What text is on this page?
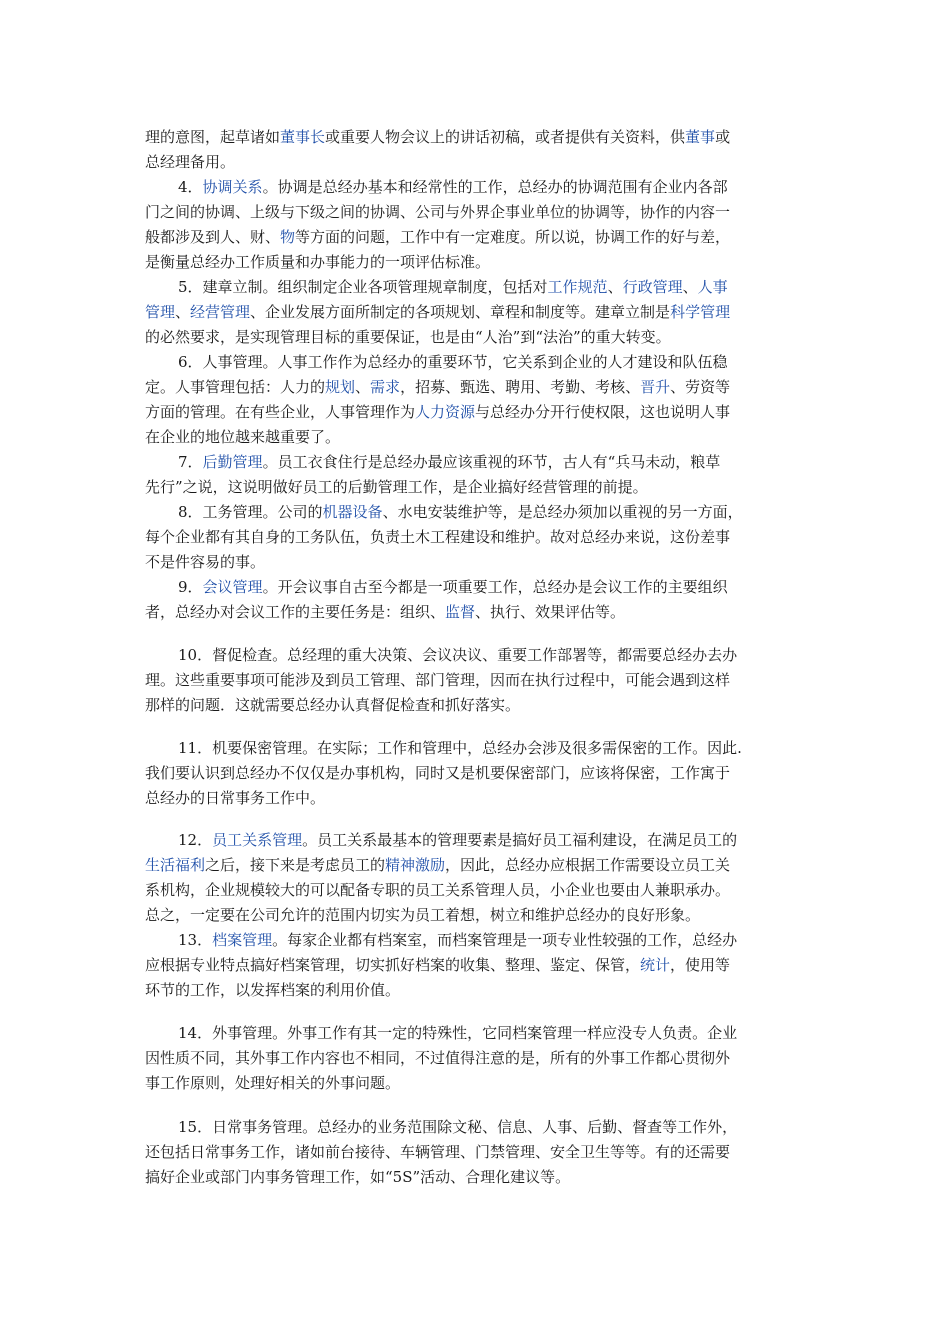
理的意图，起草诸如董事长或重要人物会议上的讲话初稿，或者提供有关资料，供董事或
总经理备用。
4．协调关系。协调是总经办基本和经常性的工作，总经办的协调范围有企业内各部
门之间的协调、上级与下级之间的协调、公司与外界企事业单位的协调等，协作的内容一
般都涉及到人、财、物等方面的问题，工作中有一定难度。所以说，协调工作的好与差，
是衡量总经办工作质量和办事能力的一项评估标准。
5．建章立制。组织制定企业各项管理规章制度，包括对工作规范、行政管理、人事
管理、经营管理、企业发展方面所制定的各项规划、章程和制度等。建章立制是科学管理
的必然要求，是实现管理目标的重要保证，也是由“人治”到“法治”的重大转变。
6．人事管理。人事工作作为总经办的重要环节，它关系到企业的人才建设和队伍稳
定。人事管理包括：人力的规划、需求，招募、甄选、聘用、考勤、考核、晋升、劳资等
方面的管理。在有些企业，人事管理作为人力资源与总经办分开行使权限，这也说明人事
在企业的地位越来越重要了。
7．后勤管理。员工衣食住行是总经办最应该重视的环节，古人有“兵马未动，粮草
先行”之说，这说明做好员工的后勤管理工作，是企业搞好经营管理的前提。
8．工务管理。公司的机器设备、水电安装维护等，是总经办须加以重视的另一方面，
每个企业都有其自身的工务队伍，负责土木工程建设和维护。故对总经办来说，这份差事
不是件容易的事。
9．会议管理。开会议事自古至今都是一项重要工作，总经办是会议工作的主要组织
者，总经办对会议工作的主要任务是：组织、监督、执行、效果评估等。
10．督促检查。总经理的重大决策、会议决议、重要工作部署等，都需要总经办去办
理。这些重要事项可能涉及到员工管理、部门管理，因而在执行过程中，可能会遇到这样
那样的问题．这就需要总经办认真督促检查和抓好落实。
11．机要保密管理。在实际；工作和管理中，总经办会涉及很多需保密的工作。因此.
我们要认识到总经办不仅仅是办事机构，同时又是机要保密部门，应该将保密，工作寓于
总经办的日常事务工作中。
12．员工关系管理。员工关系最基本的管理要素是搞好员工福利建设，在满足员工的
生活福利之后，接下来是考虑员工的精神激励，因此，总经办应根据工作需要设立员工关
系机构，企业规模较大的可以配备专职的员工关系管理人员，小企业也要由人兼职承办。
总之，一定要在公司允许的范围内切实为员工着想，树立和维护总经办的良好形象。
13．档案管理。每家企业都有档案室，而档案管理是一项专业性较强的工作，总经办
应根据专业特点搞好档案管理，切实抓好档案的收集、整理、鉴定、保管，统计，使用等
环节的工作，以发挥档案的利用价值。
14．外事管理。外事工作有其一定的特殊性，它同档案管理一样应没专人负责。企业
因性质不同，其外事工作内容也不相同，不过值得注意的是，所有的外事工作都心贯彻外
事工作原则，处理好相关的外事问题。
15．日常事务管理。总经办的业务范围除文秘、信息、人事、后勤、督查等工作外，
还包括日常事务工作，诸如前台接待、车辆管理、门禁管理、安全卫生等等。有的还需要
搞好企业或部门内事务管理工作，如“5S”活动、合理化建议等。
